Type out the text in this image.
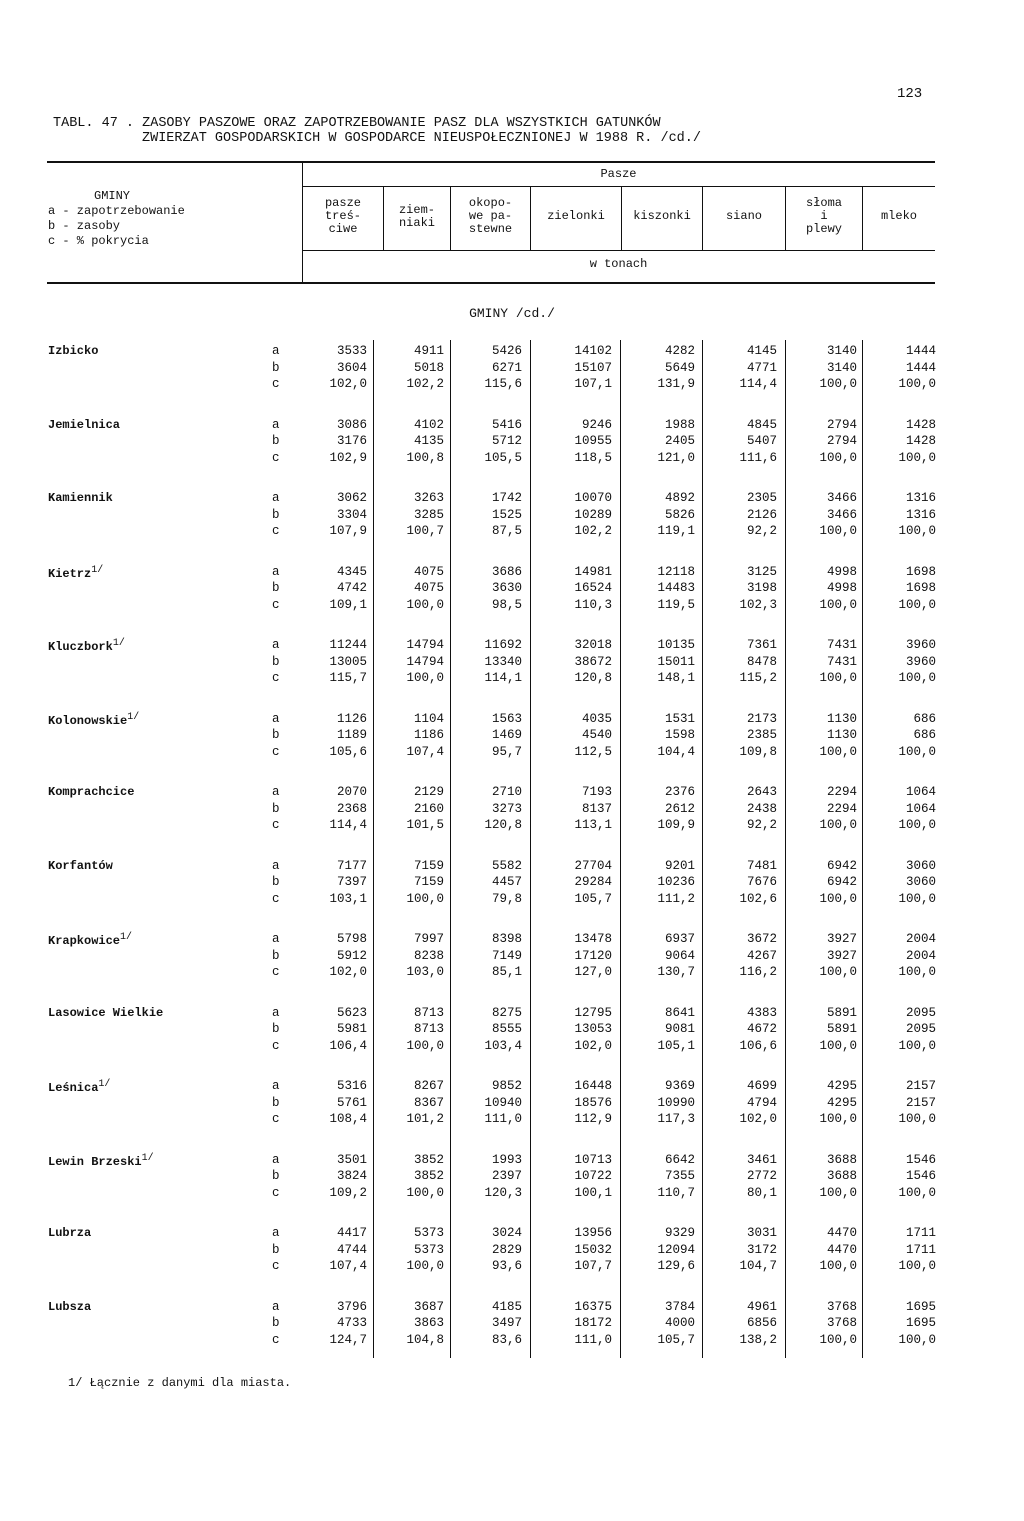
123
TABL. 47 . ZASOBY PASZOWE ORAZ ZAPOTRZEBOWANIE PASZ DLA WSZYSTKICH GATUNKÓW
ZWIERZAT GOSPODARSKICH W GOSPODARCE NIEUSPOŁECZNIONEJ W 1988 R. /cd./
GMINY
a - zapotrzebowanie
b - zasoby
c - % pokrycia
Pasze
w tonach
pasze
treś-
ciwe
ziem-
niaki
okopo-
we pa-
stewne
zielonki	kiszonki	siano
słoma
i
plewy
mleko
GMINY /cd./
Izbicko	a	3533	4911	5426	14102	4282	4145	3140	1444
b	3604	5018	6271	15107	5649	4771	3140	1444
c	102,0	102,2	115,6	107,1	131,9	114,4	100,0	100,0
Jemielnica	a	3086	4102	5416	9246	1988	4845	2794	1428
b	3176	4135	5712	10955	2405	5407	2794	1428
c	102,9	100,8	105,5	118,5	121,0	111,6	100,0	100,0
Kamiennik	a	3062	3263	1742	10070	4892	2305	3466	1316
b	3304	3285	1525	10289	5826	2126	3466	1316
c	107,9	100,7	87,5	102,2	119,1	92,2	100,0	100,0
Kietrz$^{1/}$	a	4345	4075	3686	14981	12118	3125	4998	1698
b	4742	4075	3630	16524	14483	3198	4998	1698
c	109,1	100,0	98,5	110,3	119,5	102,3	100,0	100,0
Kluczbork$^{1/}$	a	11244	14794	11692	32018	10135	7361	7431	3960
b	13005	14794	13340	38672	15011	8478	7431	3960
c	115,7	100,0	114,1	120,8	148,1	115,2	100,0	100,0
Kolonowskie$^{1/}$	a	1126	1104	1563	4035	1531	2173	1130	686
b	1189	1186	1469	4540	1598	2385	1130	686
c	105,6	107,4	95,7	112,5	104,4	109,8	100,0	100,0
Komprachcice	a	2070	2129	2710	7193	2376	2643	2294	1064
b	2368	2160	3273	8137	2612	2438	2294	1064
c	114,4	101,5	120,8	113,1	109,9	92,2	100,0	100,0
Korfantów	a	7177	7159	5582	27704	9201	7481	6942	3060
b	7397	7159	4457	29284	10236	7676	6942	3060
c	103,1	100,0	79,8	105,7	111,2	102,6	100,0	100,0
Krapkowice$^{1/}$	a	5798	7997	8398	13478	6937	3672	3927	2004
b	5912	8238	7149	17120	9064	4267	3927	2004
c	102,0	103,0	85,1	127,0	130,7	116,2	100,0	100,0
Lasowice Wielkie	a	5623	8713	8275	12795	8641	4383	5891	2095
b	5981	8713	8555	13053	9081	4672	5891	2095
c	106,4	100,0	103,4	102,0	105,1	106,6	100,0	100,0
Leśnica$^{1/}$	a	5316	8267	9852	16448	9369	4699	4295	2157
b	5761	8367	10940	18576	10990	4794	4295	2157
c	108,4	101,2	111,0	112,9	117,3	102,0	100,0	100,0
Lewin Brzeski$^{1/}$	a	3501	3852	1993	10713	6642	3461	3688	1546
b	3824	3852	2397	10722	7355	2772	3688	1546
c	109,2	100,0	120,3	100,1	110,7	80,1	100,0	100,0
Lubrza	a	4417	5373	3024	13956	9329	3031	4470	1711
b	4744	5373	2829	15032	12094	3172	4470	1711
c	107,4	100,0	93,6	107,7	129,6	104,7	100,0	100,0
Lubsza	a	3796	3687	4185	16375	3784	4961	3768	1695
b	4733	3863	3497	18172	4000	6856	3768	1695
c	124,7	104,8	83,6	111,0	105,7	138,2	100,0	100,0
1/ Łącznie z danymi dla miasta.
